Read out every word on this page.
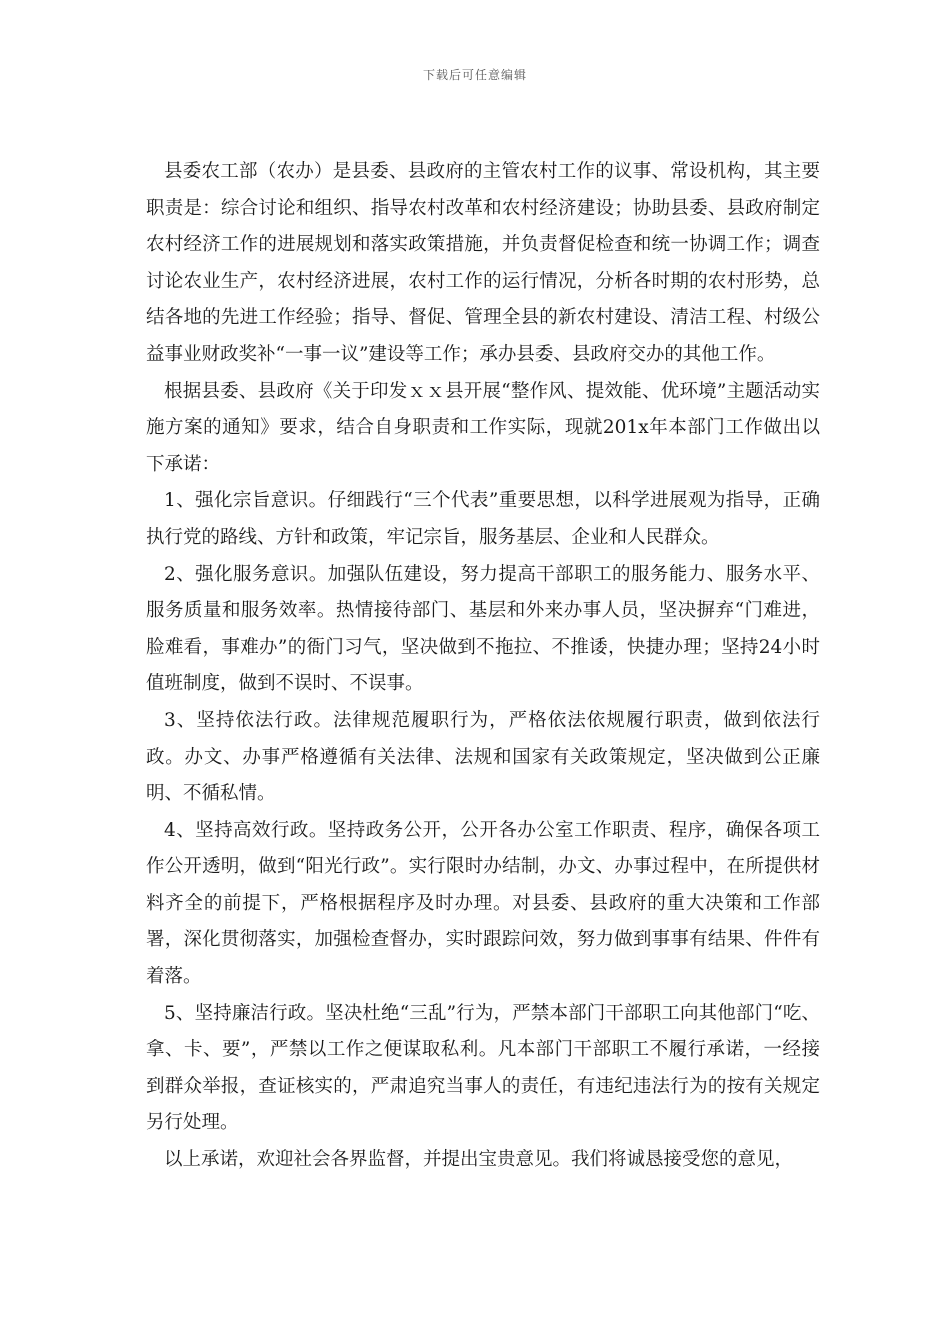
下载后可任意编辑

县委农工部（农办）是县委、县政府的主管农村工作的议事、常设机构，其主要职责是：综合讨论和组织、指导农村改革和农村经济建设；协助县委、县政府制定农村经济工作的进展规划和落实政策措施，并负责督促检查和统一协调工作；调查讨论农业生产，农村经济进展，农村工作的运行情况，分析各时期的农村形势，总结各地的先进工作经验；指导、督促、管理全县的新农村建设、清洁工程、村级公益事业财政奖补“一事一议”建设等工作；承办县委、县政府交办的其他工作。

根据县委、县政府《关于印发ｘｘ县开展“整作风、提效能、优环境”主题活动实施方案的通知》要求，结合自身职责和工作实际，现就201x年本部门工作做出以下承诺：

1、强化宗旨意识。仔细践行“三个代表”重要思想，以科学进展观为指导，正确执行党的路线、方针和政策，牢记宗旨，服务基层、企业和人民群众。

2、强化服务意识。加强队伍建设，努力提高干部职工的服务能力、服务水平、服务质量和服务效率。热情接待部门、基层和外来办事人员，坚决摒弃“门难进，脸难看，事难办”的衙门习气，坚决做到不拖拉、不推诿，快捷办理；坚持24小时值班制度，做到不误时、不误事。

3、坚持依法行政。法律规范履职行为，严格依法依规履行职责，做到依法行政。办文、办事严格遵循有关法律、法规和国家有关政策规定，坚决做到公正廉明、不循私情。

4、坚持高效行政。坚持政务公开，公开各办公室工作职责、程序，确保各项工作公开透明，做到“阳光行政”。实行限时办结制，办文、办事过程中，在所提供材料齐全的前提下，严格根据程序及时办理。对县委、县政府的重大决策和工作部署，深化贯彻落实，加强检查督办，实时跟踪问效，努力做到事事有结果、件件有着落。

5、坚持廉洁行政。坚决杜绝“三乱”行为，严禁本部门干部职工向其他部门“吃、拿、卡、要”，严禁以工作之便谋取私利。凡本部门干部职工不履行承诺，一经接到群众举报，查证核实的，严肃追究当事人的责任，有违纪违法行为的按有关规定另行处理。

以上承诺，欢迎社会各界监督，并提出宝贵意见。我们将诚恳接受您的意见，
